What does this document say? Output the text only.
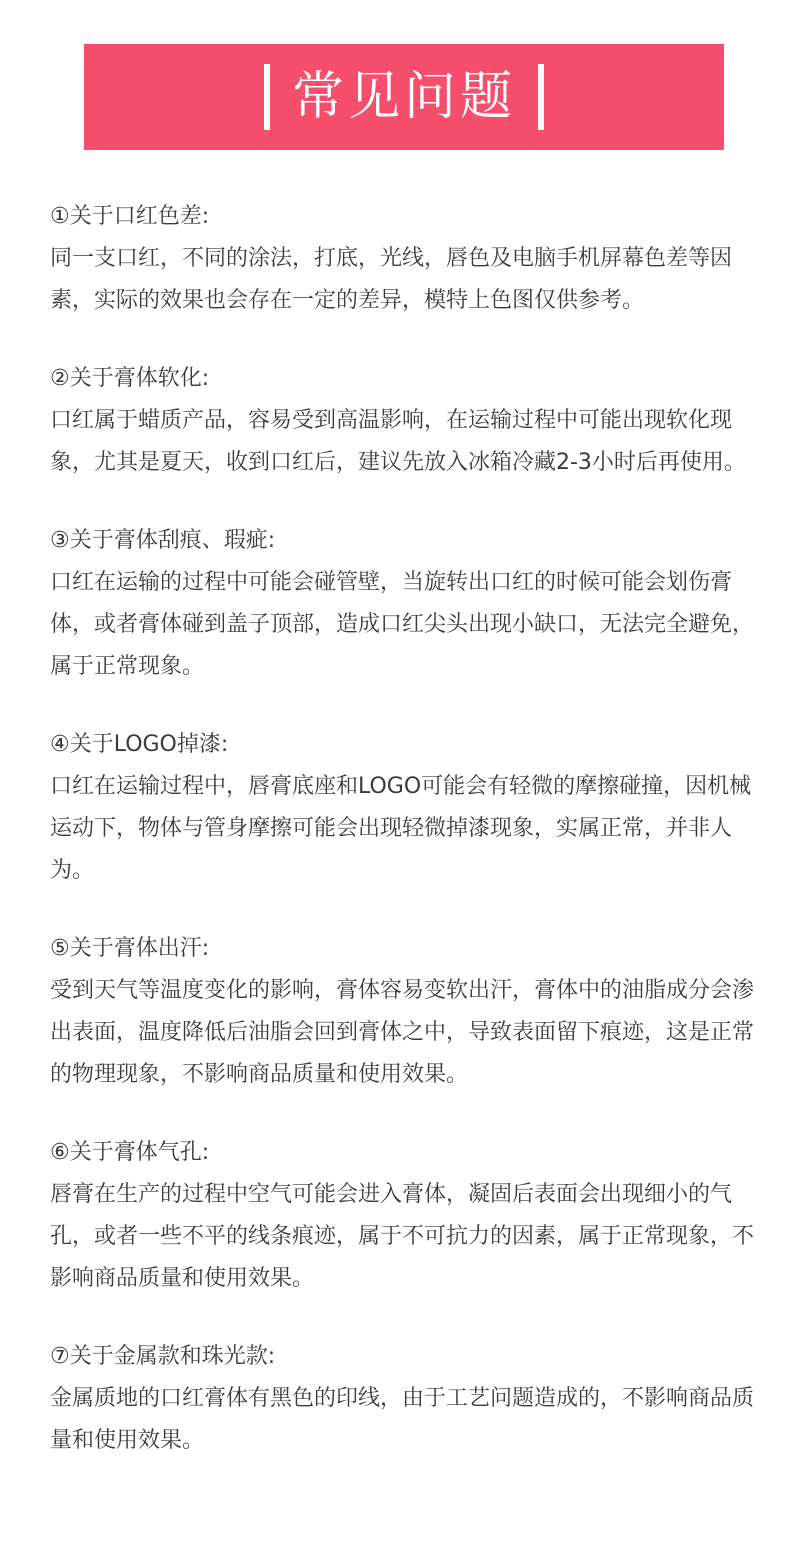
常见问题
①关于口红色差:
同一支口红，不同的涂法，打底，光线，唇色及电脑手机屏幕色差等因素，实际的效果也会存在一定的差异，模特上色图仅供参考。
②关于膏体软化:
口红属于蜡质产品，容易受到高温影响，在运输过程中可能出现软化现象，尤其是夏天，收到口红后，建议先放入冰箱冷藏2-3小时后再使用。
③关于膏体刮痕、瑕疵:
口红在运输的过程中可能会碰管壁，当旋转出口红的时候可能会划伤膏体，或者膏体碰到盖子顶部，造成口红尖头出现小缺口，无法完全避免，属于正常现象。
④关于LOGO掉漆:
口红在运输过程中，唇膏底座和LOGO可能会有轻微的摩擦碰撞，因机械运动下，物体与管身摩擦可能会出现轻微掉漆现象，实属正常，并非人为。
⑤关于膏体出汗:
受到天气等温度变化的影响，膏体容易变软出汗，膏体中的油脂成分会渗出表面，温度降低后油脂会回到膏体之中，导致表面留下痕迹，这是正常的物理现象，不影响商品质量和使用效果。
⑥关于膏体气孔:
唇膏在生产的过程中空气可能会进入膏体，凝固后表面会出现细小的气孔，或者一些不平的线条痕迹，属于不可抗力的因素，属于正常现象，不影响商品质量和使用效果。
⑦关于金属款和珠光款:
金属质地的口红膏体有黑色的印线，由于工艺问题造成的，不影响商品质量和使用效果。
